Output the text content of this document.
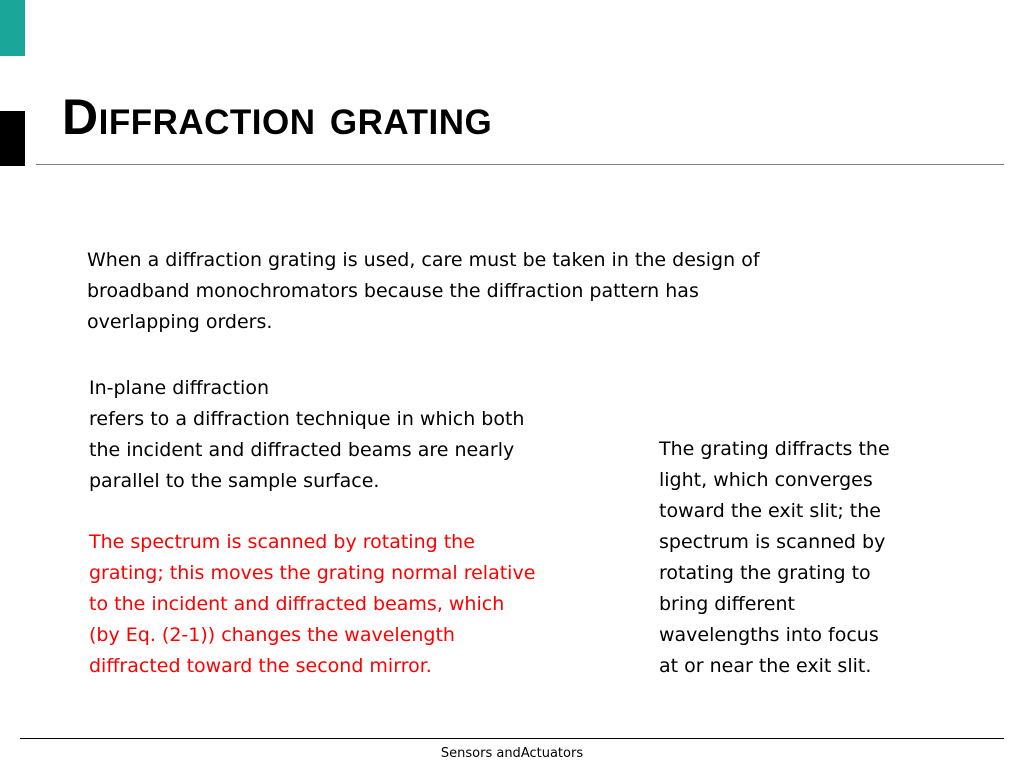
Diffraction grating

When a diffraction grating is used, care must be taken in the design of broadband monochromators because the diffraction pattern has overlapping orders.

In-plane diffraction
refers to a diffraction technique in which both the incident and diffracted beams are nearly parallel to the sample surface.

The spectrum is scanned by rotating the grating; this moves the grating normal relative to the incident and diffracted beams, which (by Eq. (2-1)) changes the wavelength diffracted toward the second mirror.

The grating diffracts the light, which converges toward the exit slit; the spectrum is scanned by rotating the grating to bring different wavelengths into focus at or near the exit slit.

Sensors andActuators
